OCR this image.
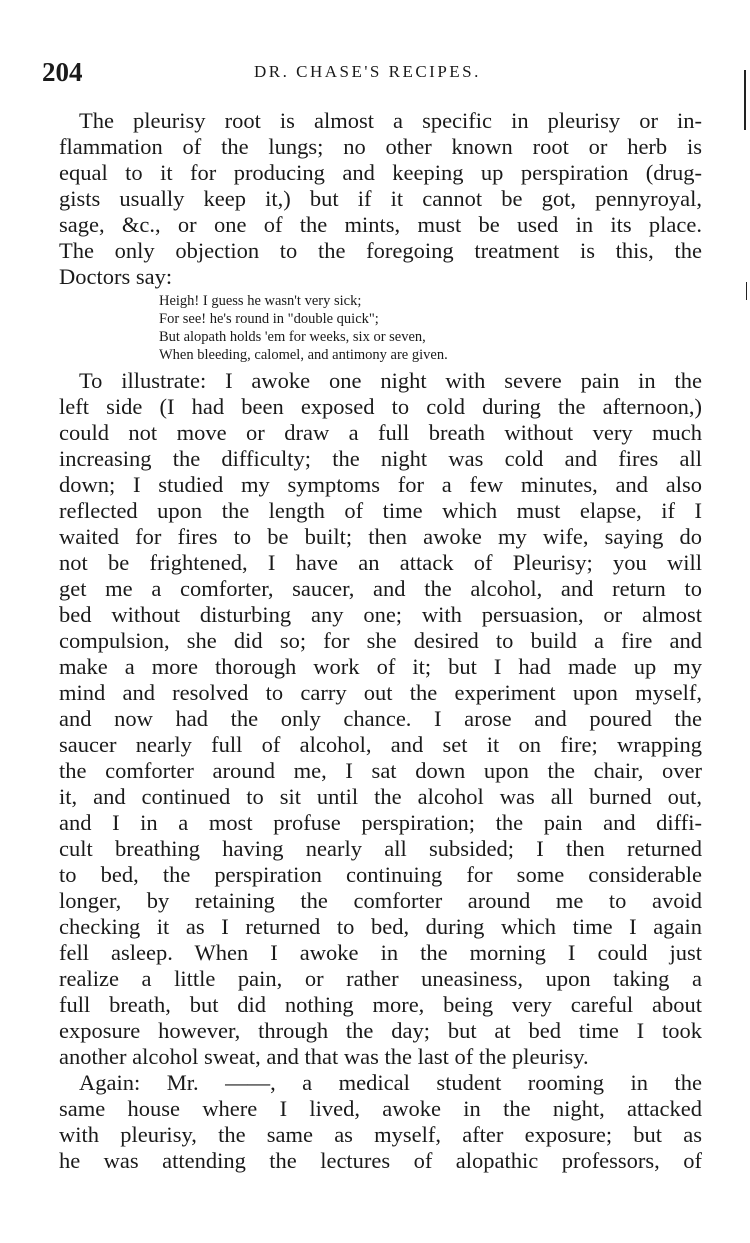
204	DR. CHASE'S RECIPES.
The pleurisy root is almost a specific in pleurisy or in-
flammation of the lungs; no other known root or herb is
equal to it for producing and keeping up perspiration (drug-
gists usually keep it,) but if it cannot be got, pennyroyal,
sage, &c., or one of the mints, must be used in its place.
The only objection to the foregoing treatment is this, the
Doctors say:
Heigh! I guess he wasn't very sick;
For see! he's round in "double quick";
But alopath holds 'em for weeks, six or seven,
When bleeding, calomel, and antimony are given.
To illustrate: I awoke one night with severe pain in the
left side (I had been exposed to cold during the afternoon,)
could not move or draw a full breath without very much
increasing the difficulty; the night was cold and fires all
down; I studied my symptoms for a few minutes, and also
reflected upon the length of time which must elapse, if I
waited for fires to be built; then awoke my wife, saying do
not be frightened, I have an attack of Pleurisy; you will
get me a comforter, saucer, and the alcohol, and return to
bed without disturbing any one; with persuasion, or almost
compulsion, she did so; for she desired to build a fire and
make a more thorough work of it; but I had made up my
mind and resolved to carry out the experiment upon myself,
and now had the only chance. I arose and poured the
saucer nearly full of alcohol, and set it on fire; wrapping
the comforter around me, I sat down upon the chair, over
it, and continued to sit until the alcohol was all burned out,
and I in a most profuse perspiration; the pain and diffi-
cult breathing having nearly all subsided; I then returned
to bed, the perspiration continuing for some considerable
longer, by retaining the comforter around me to avoid
checking it as I returned to bed, during which time I again
fell asleep. When I awoke in the morning I could just
realize a little pain, or rather uneasiness, upon taking a
full breath, but did nothing more, being very careful about
exposure however, through the day; but at bed time I took
another alcohol sweat, and that was the last of the pleurisy.
Again: Mr. ——, a medical student rooming in the
same house where I lived, awoke in the night, attacked
with pleurisy, the same as myself, after exposure; but as
he was attending the lectures of alopathic professors, of
